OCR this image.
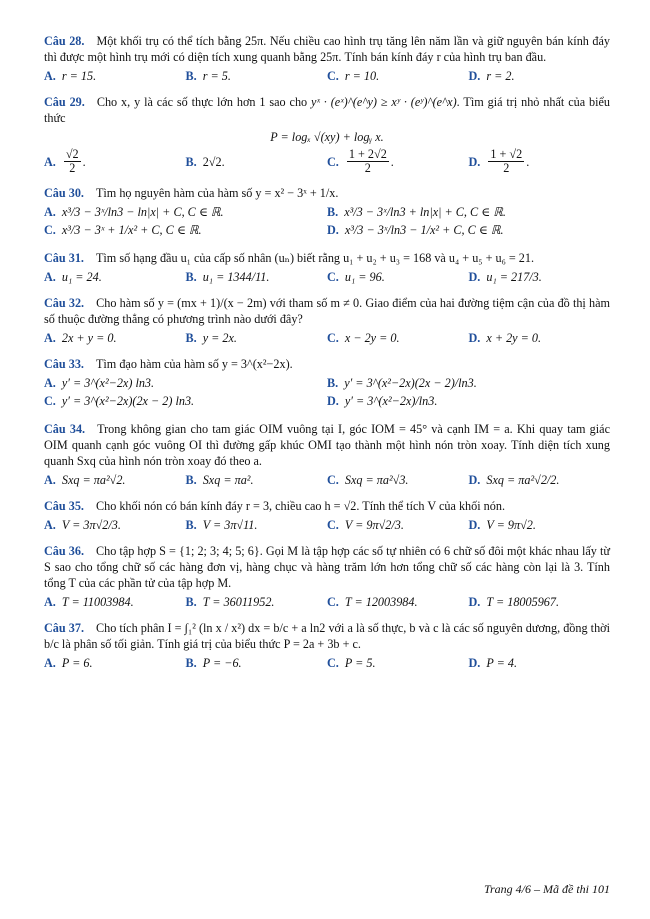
Câu 28. Một khối trụ có thể tích bằng 25π. Nếu chiều cao hình trụ tăng lên năm lần và giữ nguyên bán kính đáy thì được một hình trụ mới có diện tích xung quanh bằng 25π. Tính bán kính đáy r của hình trụ ban đầu.
A. r = 15.	B. r = 5.	C. r = 10.	D. r = 2.
Câu 29. Cho x, y là các số thực lớn hơn 1 sao cho yˣ · (eˣ)^(e^y) ≥ xʸ · (eʸ)^(e^x). Tìm giá trị nhỏ nhất của biểu thức
P = logₓ √(xy) + logᵧ x.
A. $\frac{√2}{2}$ .	B. 2√2.	C. $\frac{1 + 2√2}{2}$ .	D. $\frac{1 + √2}{2}$ .
Câu 30. Tìm họ nguyên hàm của hàm số y = x² − 3ˣ + 1/x.
A. x³/3 − 3ˣ/ln3 − ln|x| + C, C ∈ ℝ.	B. x³/3 − 3ˣ/ln3 + ln|x| + C, C ∈ ℝ.
C. x³/3 − 3ˣ + 1/x² + C, C ∈ ℝ.	D. x³/3 − 3ˣ/ln3 − 1/x² + C, C ∈ ℝ.
Câu 31. Tìm số hạng đầu u₁ của cấp số nhân (uₙ) biết rằng u₁ + u₂ + u₃ = 168 và u₄ + u₅ + u₆ = 21.
A. u₁ = 24.	B. u₁ = 1344/11.	C. u₁ = 96.	D. u₁ = 217/3.
Câu 32. Cho hàm số y = (mx + 1)/(x − 2m) với tham số m ≠ 0. Giao điểm của hai đường tiệm cận của đồ thị hàm số thuộc đường thẳng có phương trình nào dưới đây?
A. 2x + y = 0.	B. y = 2x.	C. x − 2y = 0.	D. x + 2y = 0.
Câu 33. Tìm đạo hàm của hàm số y = 3^(x²−2x).
A. y′ = 3^(x²−2x) ln3.	B. y′ = 3^(x²−2x)(2x − 2)/ln3.
C. y′ = 3^(x²−2x)(2x − 2) ln3.	D. y′ = 3^(x²−2x)/ln3.
Câu 34. Trong không gian cho tam giác OIM vuông tại I, góc IOM = 45° và cạnh IM = a. Khi quay tam giác OIM quanh cạnh góc vuông OI thì đường gấp khúc OMI tạo thành một hình nón tròn xoay. Tính diện tích xung quanh Sxq của hình nón tròn xoay đó theo a.
A. Sxq = πa²√2.	B. Sxq = πa².	C. Sxq = πa²√3.	D. Sxq = πa²√2/2.
Câu 35. Cho khối nón có bán kính đáy r = 3, chiều cao h = √2. Tính thể tích V của khối nón.
A. V = 3π√2/3.	B. V = 3π√11.	C. V = 9π√2/3.	D. V = 9π√2.
Câu 36. Cho tập hợp S = {1; 2; 3; 4; 5; 6}. Gọi M là tập hợp các số tự nhiên có 6 chữ số đôi một khác nhau lấy từ S sao cho tổng chữ số các hàng đơn vị, hàng chục và hàng trăm lớn hơn tổng chữ số các hàng còn lại là 3. Tính tổng T của các phần tử của tập hợp M.
A. T = 11003984.	B. T = 36011952.	C. T = 12003984.	D. T = 18005967.
Câu 37. Cho tích phân I = ∫₁² (ln x / x²) dx = b/c + a ln2 với a là số thực, b và c là các số nguyên dương, đồng thời b/c là phân số tối giản. Tính giá trị của biểu thức P = 2a + 3b + c.
A. P = 6.	B. P = −6.	C. P = 5.	D. P = 4.
Trang 4/6 – Mã đề thi 101
